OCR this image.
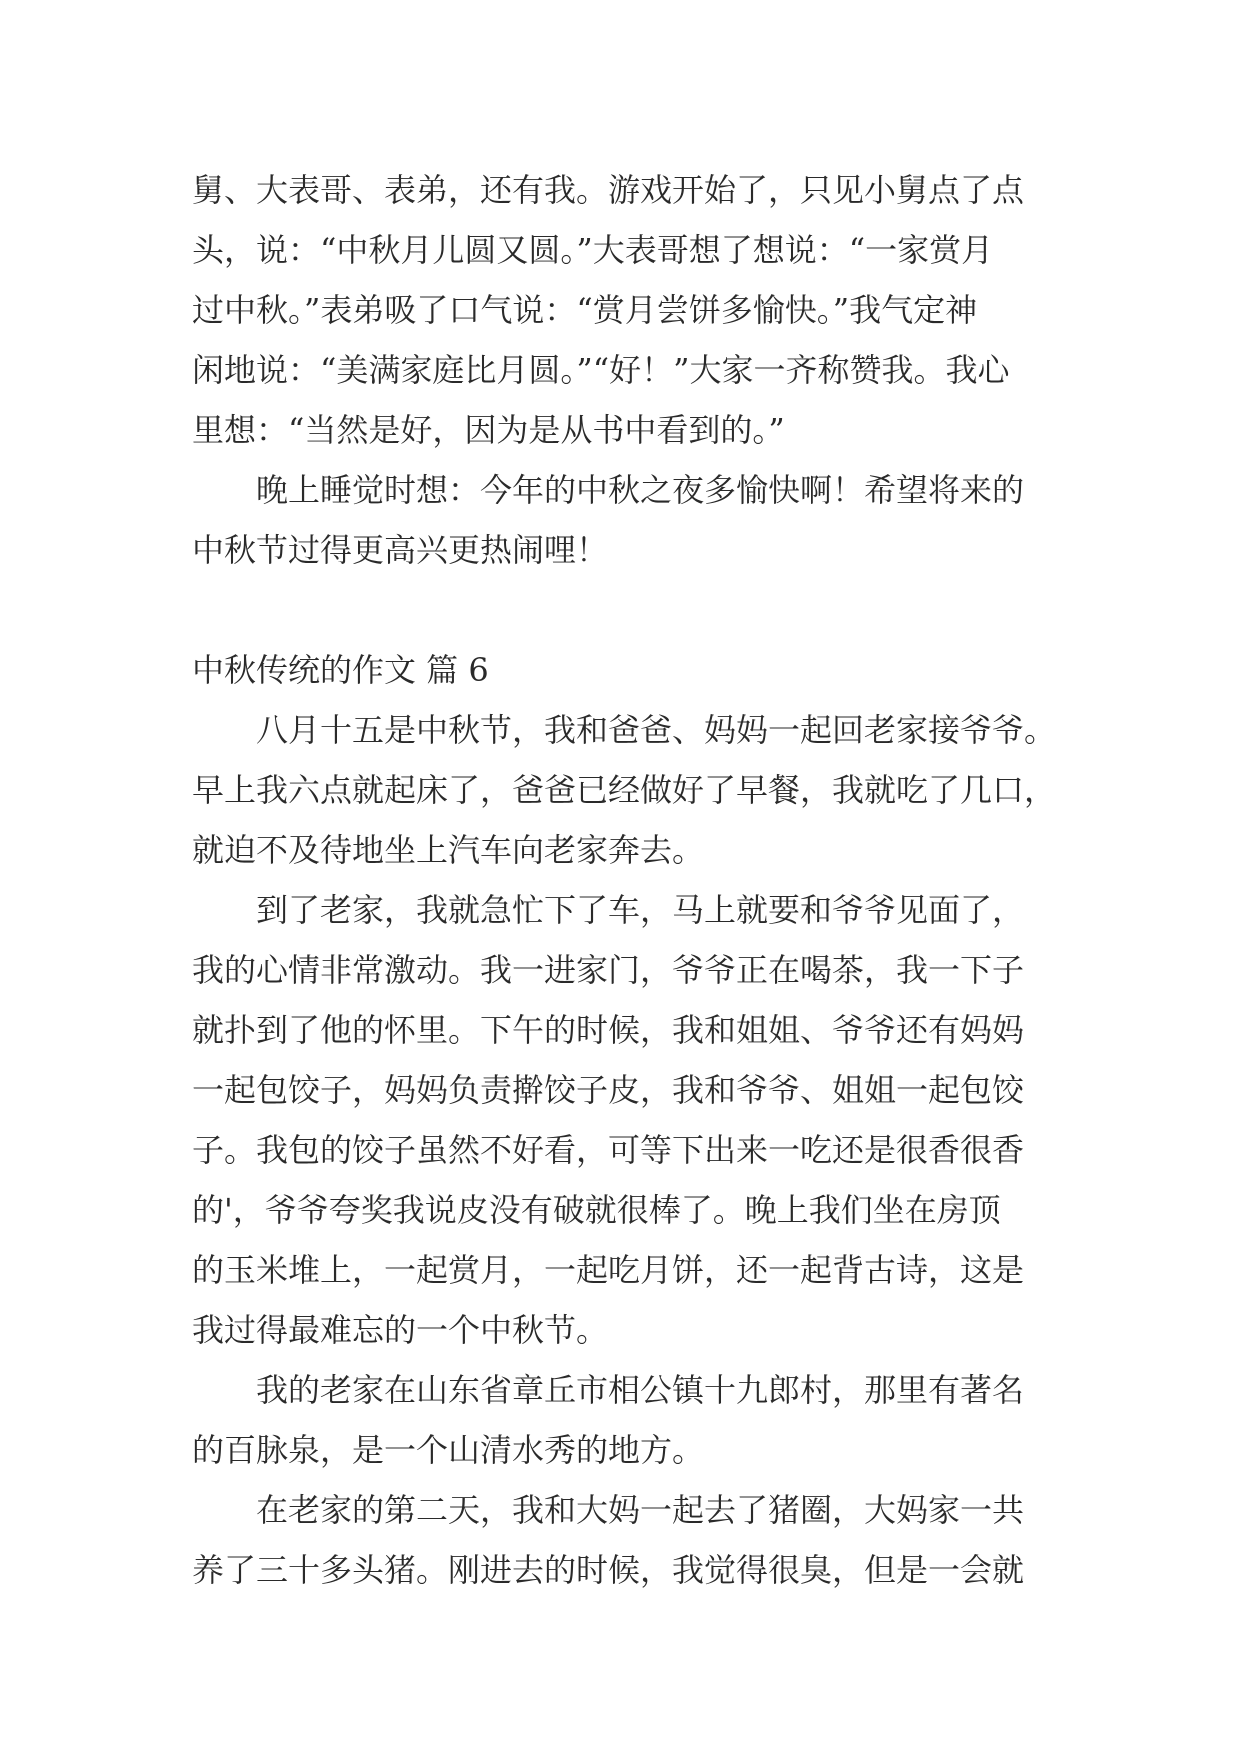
舅、大表哥、表弟，还有我。游戏开始了，只见小舅点了点
头，说：“中秋月儿圆又圆。”大表哥想了想说：“一家赏月
过中秋。”表弟吸了口气说：“赏月尝饼多愉快。”我气定神
闲地说：“美满家庭比月圆。”“好！”大家一齐称赞我。我心
里想：“当然是好，因为是从书中看到的。”
晚上睡觉时想：今年的中秋之夜多愉快啊！希望将来的
中秋节过得更高兴更热闹哩！
中秋传统的作文 篇 6
八月十五是中秋节，我和爸爸、妈妈一起回老家接爷爷。
早上我六点就起床了，爸爸已经做好了早餐，我就吃了几口，
就迫不及待地坐上汽车向老家奔去。
到了老家，我就急忙下了车，马上就要和爷爷见面了，
我的心情非常激动。我一进家门，爷爷正在喝茶，我一下子
就扑到了他的怀里。下午的时候，我和姐姐、爷爷还有妈妈
一起包饺子，妈妈负责擀饺子皮，我和爷爷、姐姐一起包饺
子。我包的饺子虽然不好看，可等下出来一吃还是很香很香
的'，爷爷夸奖我说皮没有破就很棒了。晚上我们坐在房顶
的玉米堆上，一起赏月，一起吃月饼，还一起背古诗，这是
我过得最难忘的一个中秋节。
我的老家在山东省章丘市相公镇十九郎村，那里有著名
的百脉泉，是一个山清水秀的地方。
在老家的第二天，我和大妈一起去了猪圈，大妈家一共
养了三十多头猪。刚进去的时候，我觉得很臭，但是一会就
